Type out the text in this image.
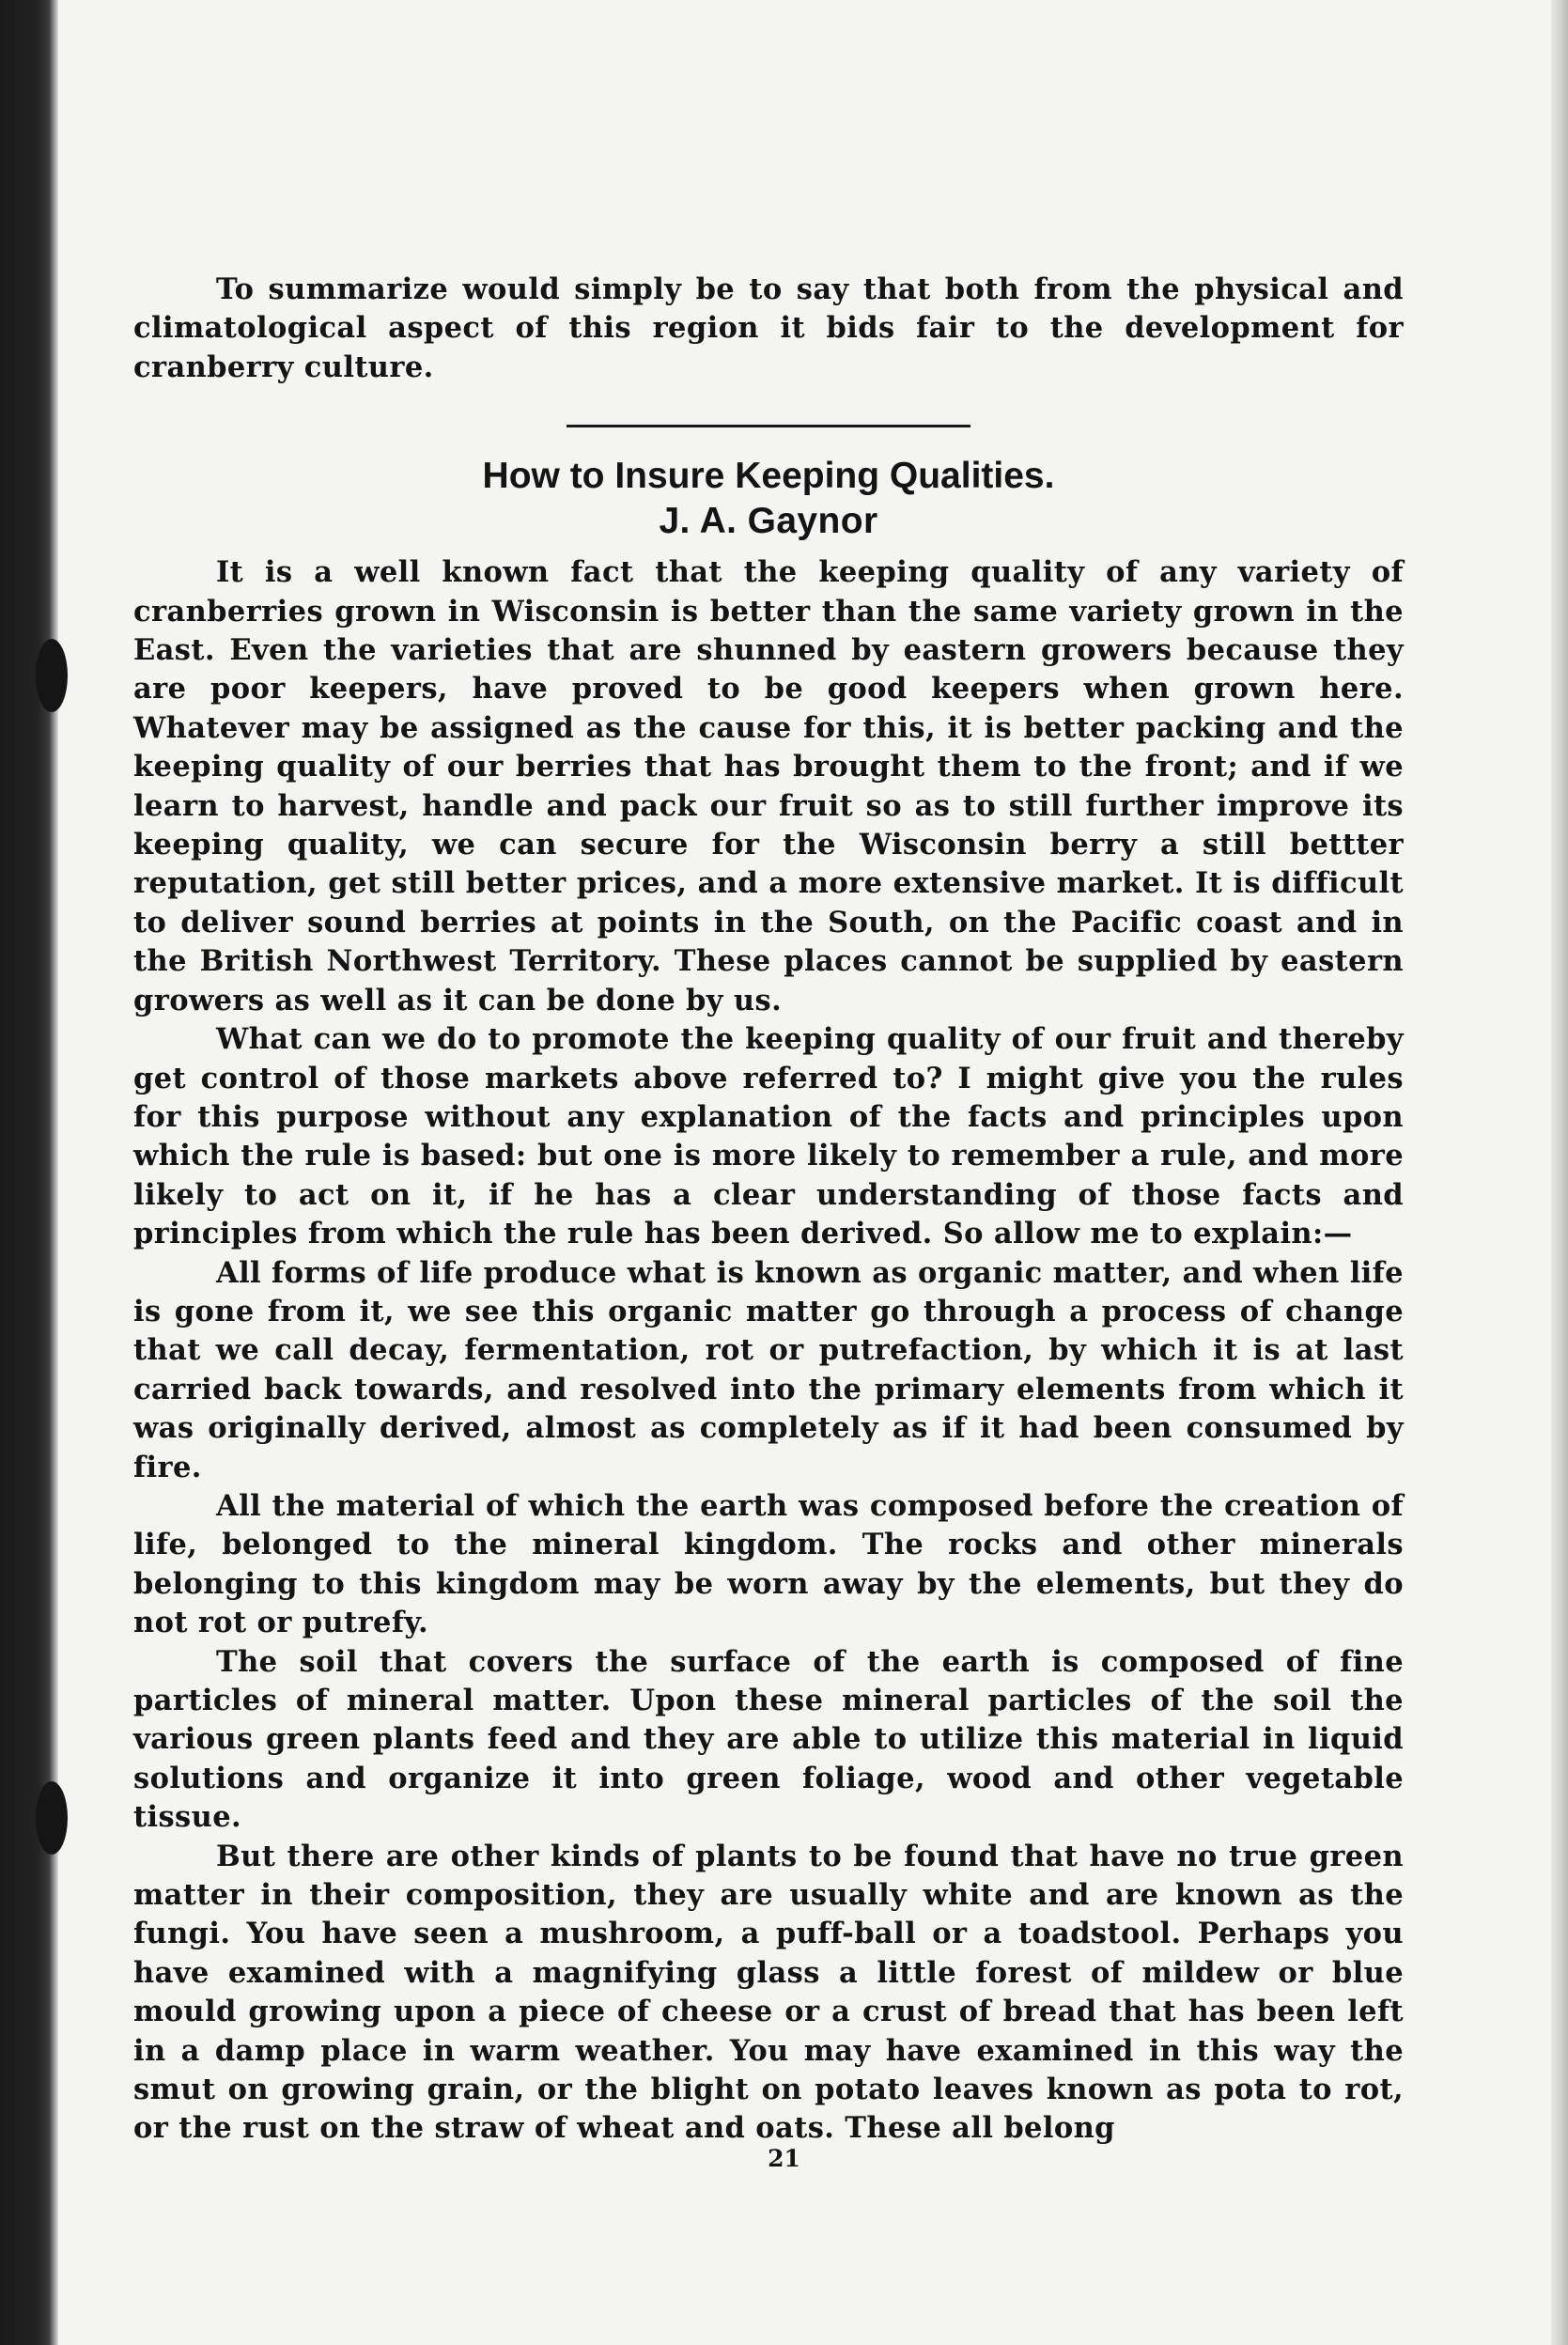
To summarize would simply be to say that both from the physical and climatological aspect of this region it bids fair to the development for cranberry culture.

How to Insure Keeping Qualities.
J. A. Gaynor

It is a well known fact that the keeping quality of any variety of cranberries grown in Wisconsin is better than the same variety grown in the East. Even the varieties that are shunned by eastern growers because they are poor keepers, have proved to be good keepers when grown here. Whatever may be assigned as the cause for this, it is better packing and the keeping quality of our berries that has brought them to the front; and if we learn to harvest, handle and pack our fruit so as to still further improve its keeping quality, we can secure for the Wisconsin berry a still bettter reputation, get still better prices, and a more extensive market. It is difficult to deliver sound berries at points in the South, on the Pacific coast and in the British Northwest Territory. These places cannot be supplied by eastern growers as well as it can be done by us.

What can we do to promote the keeping quality of our fruit and thereby get control of those markets above referred to? I might give you the rules for this purpose without any explanation of the facts and principles upon which the rule is based: but one is more likely to remember a rule, and more likely to act on it, if he has a clear understanding of those facts and principles from which the rule has been derived. So allow me to explain:—

All forms of life produce what is known as organic matter, and when life is gone from it, we see this organic matter go through a process of change that we call decay, fermentation, rot or putrefaction, by which it is at last carried back towards, and resolved into the primary elements from which it was originally derived, almost as completely as if it had been consumed by fire.

All the material of which the earth was composed before the creation of life, belonged to the mineral kingdom. The rocks and other minerals belonging to this kingdom may be worn away by the elements, but they do not rot or putrefy.

The soil that covers the surface of the earth is composed of fine particles of mineral matter. Upon these mineral particles of the soil the various green plants feed and they are able to utilize this material in liquid solutions and organize it into green foliage, wood and other vegetable tissue.

But there are other kinds of plants to be found that have no true green matter in their composition, they are usually white and are known as the fungi. You have seen a mushroom, a puff-ball or a toadstool. Perhaps you have examined with a magnifying glass a little forest of mildew or blue mould growing upon a piece of cheese or a crust of bread that has been left in a damp place in warm weather. You may have examined in this way the smut on growing grain, or the blight on potato leaves known as pota to rot, or the rust on the straw of wheat and oats. These all belong

21
